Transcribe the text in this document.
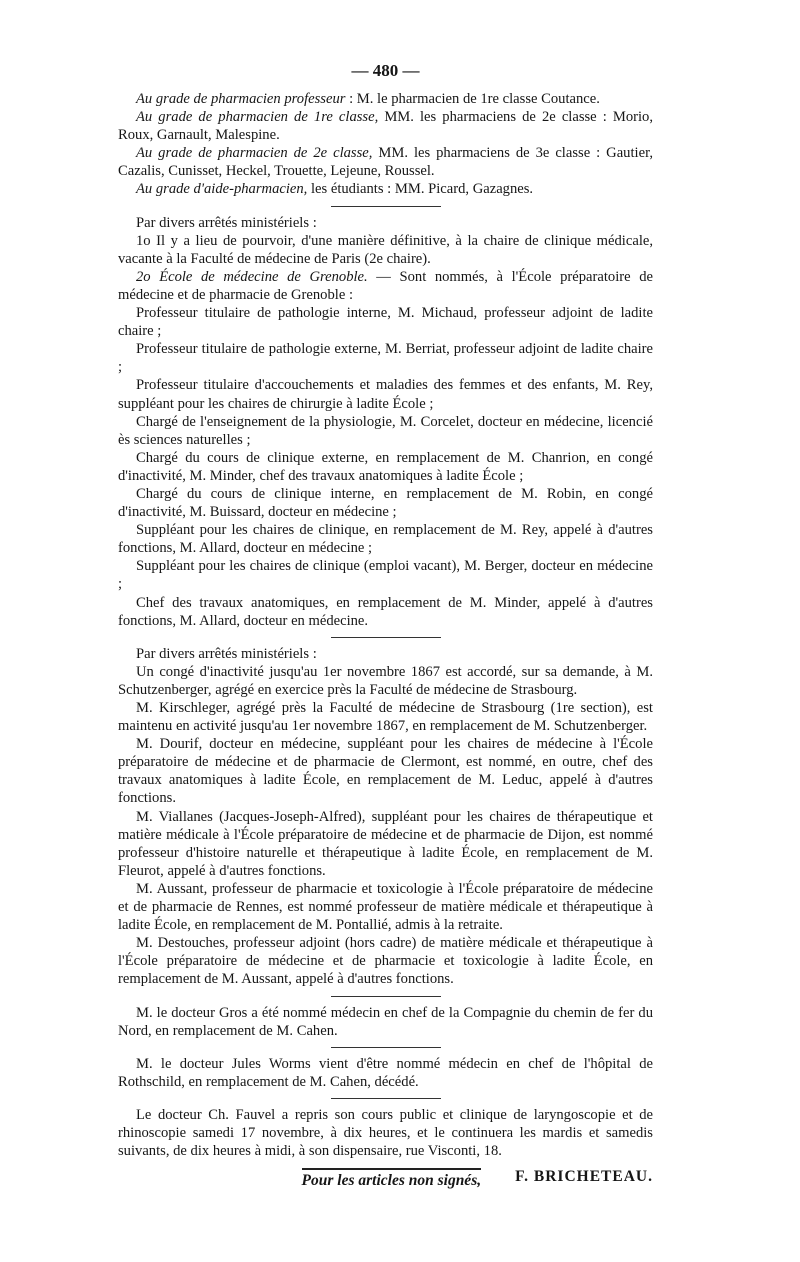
— 480 —

Au grade de pharmacien professeur : M. le pharmacien de 1re classe Coutance.

Au grade de pharmacien de 1re classe, MM. les pharmaciens de 2e classe : Morio, Roux, Garnault, Malespine.

Au grade de pharmacien de 2e classe, MM. les pharmaciens de 3e classe : Gautier, Cazalis, Cunisset, Heckel, Trouette, Lejeune, Roussel.

Au grade d'aide-pharmacien, les étudiants : MM. Picard, Gazagnes.

Par divers arrêtés ministériels :

1o Il y a lieu de pourvoir, d'une manière définitive, à la chaire de clinique médicale, vacante à la Faculté de médecine de Paris (2e chaire).

2o École de médecine de Grenoble. — Sont nommés, à l'École préparatoire de médecine et de pharmacie de Grenoble :

Professeur titulaire de pathologie interne, M. Michaud, professeur adjoint de ladite chaire ;

Professeur titulaire de pathologie externe, M. Berriat, professeur adjoint de ladite chaire ;

Professeur titulaire d'accouchements et maladies des femmes et des enfants, M. Rey, suppléant pour les chaires de chirurgie à ladite École ;

Chargé de l'enseignement de la physiologie, M. Corcelet, docteur en médecine, licencié ès sciences naturelles ;

Chargé du cours de clinique externe, en remplacement de M. Chanrion, en congé d'inactivité, M. Minder, chef des travaux anatomiques à ladite École ;

Chargé du cours de clinique interne, en remplacement de M. Robin, en congé d'inactivité, M. Buissard, docteur en médecine ;

Suppléant pour les chaires de clinique, en remplacement de M. Rey, appelé à d'autres fonctions, M. Allard, docteur en médecine ;

Suppléant pour les chaires de clinique (emploi vacant), M. Berger, docteur en médecine ;

Chef des travaux anatomiques, en remplacement de M. Minder, appelé à d'autres fonctions, M. Allard, docteur en médecine.

Par divers arrêtés ministériels :

Un congé d'inactivité jusqu'au 1er novembre 1867 est accordé, sur sa demande, à M. Schutzenberger, agrégé en exercice près la Faculté de médecine de Strasbourg.

M. Kirschleger, agrégé près la Faculté de médecine de Strasbourg (1re section), est maintenu en activité jusqu'au 1er novembre 1867, en remplacement de M. Schutzenberger.

M. Dourif, docteur en médecine, suppléant pour les chaires de médecine à l'École préparatoire de médecine et de pharmacie de Clermont, est nommé, en outre, chef des travaux anatomiques à ladite École, en remplacement de M. Leduc, appelé à d'autres fonctions.

M. Viallanes (Jacques-Joseph-Alfred), suppléant pour les chaires de thérapeutique et matière médicale à l'École préparatoire de médecine et de pharmacie de Dijon, est nommé professeur d'histoire naturelle et thérapeutique à ladite École, en remplacement de M. Fleurot, appelé à d'autres fonctions.

M. Aussant, professeur de pharmacie et toxicologie à l'École préparatoire de médecine et de pharmacie de Rennes, est nommé professeur de matière médicale et thérapeutique à ladite École, en remplacement de M. Pontallié, admis à la retraite.

M. Destouches, professeur adjoint (hors cadre) de matière médicale et thérapeutique à l'École préparatoire de médecine et de pharmacie et toxicologie à ladite École, en remplacement de M. Aussant, appelé à d'autres fonctions.

M. le docteur Gros a été nommé médecin en chef de la Compagnie du chemin de fer du Nord, en remplacement de M. Cahen.

M. le docteur Jules Worms vient d'être nommé médecin en chef de l'hôpital de Rothschild, en remplacement de M. Cahen, décédé.

Le docteur Ch. Fauvel a repris son cours public et clinique de laryngoscopie et de rhinoscopie samedi 17 novembre, à dix heures, et le continuera les mardis et samedis suivants, de dix heures à midi, à son dispensaire, rue Visconti, 18.

Pour les articles non signés, F. BRICHETEAU.
